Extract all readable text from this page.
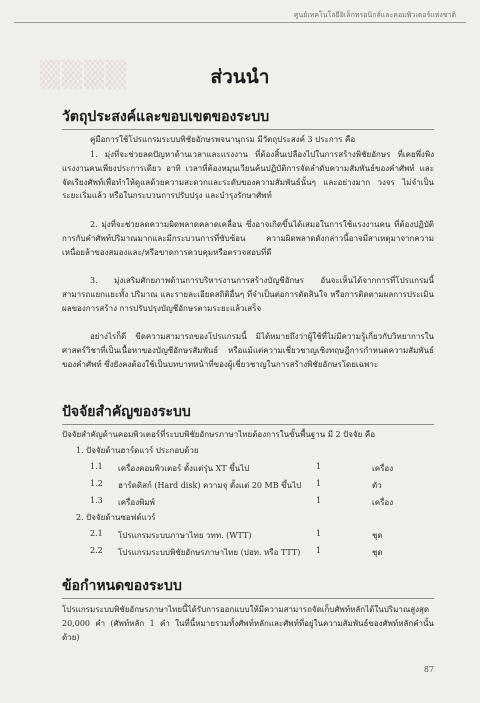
ศูนย์เทคโนโลยีอิเล็กทรอนิกส์และคอมพิวเตอร์แห่งชาติ
▒▒▒▒	ส่วนนำ
วัตถุประสงค์และขอบเขตของระบบ
คู่มือการใช้โปรแกรมระบบพิชัยอักษรพจนานุกรม มีวัตถุประสงค์ 3 ประการ คือ

1. มุ่งที่จะช่วยลดปัญหาด้านเวลาและแรงงาน ที่ต้องสิ้นเปลืองไปในการสร้างพิชัยอักษร ที่เคยพึ่งพิงแรงงานคนเพียงประการเดียว อาทิ เวลาที่ต้องหมุนเวียนค้นปฏิบัติการจัดลำดับความสัมพันธ์ของคำศัพท์ และจัดเรียงศัพท์เพื่อทำให้ดูแลด้วยความสะดวกและระดับของความสัมพันธ์นั้นๆ และอย่างมาก วงจร ไม่จำเป็นระยะเริ่มแล้ว หรือในกระบวนการปรับปรุง และบำรุงรักษาศัพท์

2. มุ่งที่จะช่วยลดความผิดพลาดคลาดเคลื่อน ซึ่งอาจเกิดขึ้นได้เสมอในการใช้แรงงานคน ที่ต้องปฏิบัติการกับคำศัพท์ปริมาณมากและมีกระบวนการที่ซับซ้อน ความผิดพลาดดังกล่าวนี้อาจมีสาเหตุมาจากความเหนื่อยล้าของสมองและ/หรือขาดการควบคุมหรือตรวจสอบที่ดี

3. มุ่งเสริมศักยภาพด้านการบริหารงานการสร้างบัญชีอักษร อันจะเห็นได้จากการที่โปรแกรมนี้สามารถแยกแยะทั้ง ปริมาณ และรายละเอียดสถิติอื่นๆ ที่จำเป็นต่อการตัดสินใจ หรือการติดตามผลการประเมินผลของการสร้าง การปรับปรุงบัญชีอักษรตามระยะแล้วเสร็จ

อย่างไรก็ดี ขีดความสามารถของโปรแกรมนี้ มิได้หมายถึงว่าผู้ใช้ที่ไม่มีความรู้เกี่ยวกับวิทยาการในศาสตร์วิชาที่เป็นเนื้อหาของบัญชีอักษรสัมพันธ์ หรือแม้แต่ความเชี่ยวชาญเชิงทฤษฎีการกำหนดความสัมพันธ์ของคำศัพท์ ซึ่งยังคงต้องใช้เป็นบทบาทหน้าที่ของผู้เชี่ยวชาญในการสร้างพิชัยอักษรโดยเฉพาะ

ปัจจัยสำคัญของระบบ
ปัจจัยสำคัญด้านคอมพิวเตอร์ที่ระบบพิชัยอักษรภาษาไทยต้องการในขั้นพื้นฐาน มี 2 ปัจจัย คือ
1. ปัจจัยด้านฮาร์ดแวร์ ประกอบด้วย
1.1 เครื่องคอมพิวเตอร์ ตั้งแต่รุ่น XT ขึ้นไป	1	เครื่อง
1.2 ฮาร์ดดิสก์ (Hard disk) ความจุ ตั้งแต่ 20 MB ขึ้นไป 1	ตัว
1.3 เครื่องพิมพ์	1	เครื่อง
2. ปัจจัยด้านซอฟต์แวร์
2.1 โปรแกรมระบบภาษาไทย วทท. (WTT)	1	ชุด
2.2 โปรแกรมระบบพิชัยอักษรภาษาไทย (ปอท. หรือ TTT) 1	ชุด
ข้อกำหนดของระบบ

โปรแกรมระบบพิชัยอักษรภาษาไทยนี้ได้รับการออกแบบให้มีความสามารถจัดเก็บศัพท์หลักได้ในปริมาณสูงสุด 20,000 คำ (ศัพท์หลัก 1 คำ ในที่นี้หมายรวมทั้งศัพท์หลักและศัพท์ที่อยู่ในความสัมพันธ์ของศัพท์หลักคำนั้นด้วย)

87
